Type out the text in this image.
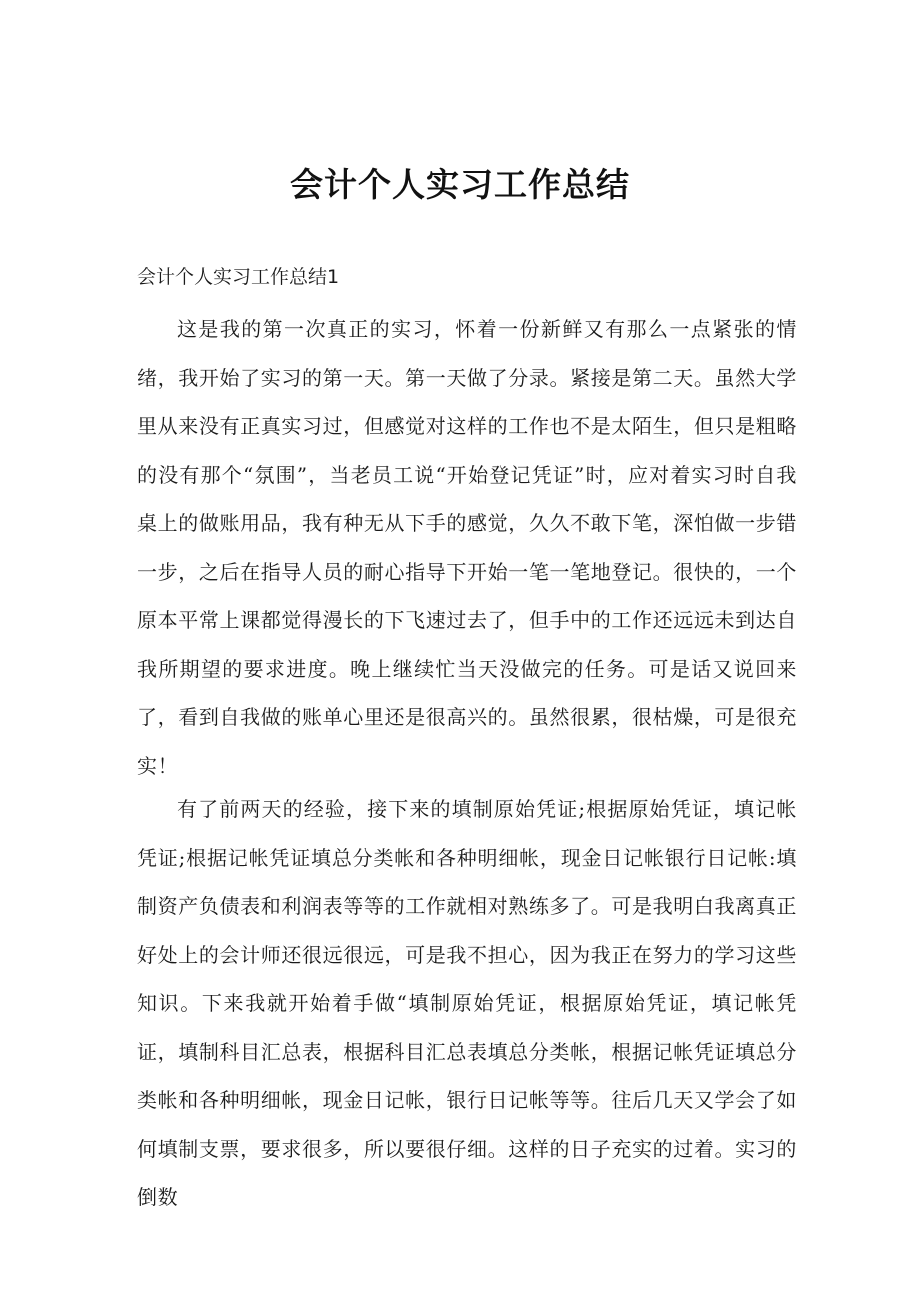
会计个人实习工作总结
会计个人实习工作总结1
这是我的第一次真正的实习，怀着一份新鲜又有那么一点紧张的情绪，我开始了实习的第一天。第一天做了分录。紧接是第二天。虽然大学里从来没有正真实习过，但感觉对这样的工作也不是太陌生，但只是粗略的没有那个“氛围”，当老员工说“开始登记凭证”时，应对着实习时自我桌上的做账用品，我有种无从下手的感觉，久久不敢下笔，深怕做一步错一步，之后在指导人员的耐心指导下开始一笔一笔地登记。很快的，一个原本平常上课都觉得漫长的下飞速过去了，但手中的工作还远远未到达自我所期望的要求进度。晚上继续忙当天没做完的任务。可是话又说回来了，看到自我做的账单心里还是很高兴的。虽然很累，很枯燥，可是很充实！
有了前两天的经验，接下来的填制原始凭证;根据原始凭证，填记帐凭证;根据记帐凭证填总分类帐和各种明细帐，现金日记帐银行日记帐:填制资产负债表和利润表等等的工作就相对熟练多了。可是我明白我离真正好处上的会计师还很远很远，可是我不担心，因为我正在努力的学习这些知识。下来我就开始着手做“填制原始凭证，根据原始凭证，填记帐凭证，填制科目汇总表，根据科目汇总表填总分类帐，根据记帐凭证填总分类帐和各种明细帐，现金日记帐，银行日记帐等等。往后几天又学会了如何填制支票，要求很多，所以要很仔细。这样的日子充实的过着。实习的倒数
